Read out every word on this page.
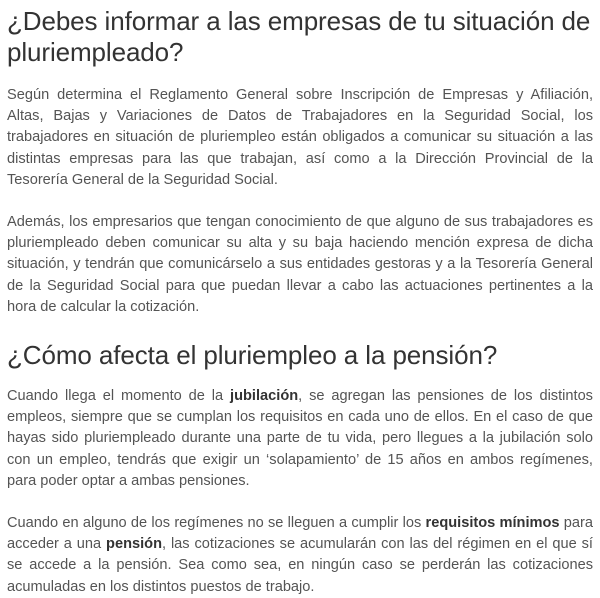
¿Debes informar a las empresas de tu situación de pluriempleado?

Según determina el Reglamento General sobre Inscripción de Empresas y Afiliación, Altas, Bajas y Variaciones de Datos de Trabajadores en la Seguridad Social, los trabajadores en situación de pluriempleo están obligados a comunicar su situación a las distintas empresas para las que trabajan, así como a la Dirección Provincial de la Tesorería General de la Seguridad Social.

Además, los empresarios que tengan conocimiento de que alguno de sus trabajadores es pluriempleado deben comunicar su alta y su baja haciendo mención expresa de dicha situación, y tendrán que comunicárselo a sus entidades gestoras y a la Tesorería General de la Seguridad Social para que puedan llevar a cabo las actuaciones pertinentes a la hora de calcular la cotización.

¿Cómo afecta el pluriempleo a la pensión?

Cuando llega el momento de la jubilación, se agregan las pensiones de los distintos empleos, siempre que se cumplan los requisitos en cada uno de ellos. En el caso de que hayas sido pluriempleado durante una parte de tu vida, pero llegues a la jubilación solo con un empleo, tendrás que exigir un ‘solapamiento’ de 15 años en ambos regímenes, para poder optar a ambas pensiones.

Cuando en alguno de los regímenes no se lleguen a cumplir los requisitos mínimos para acceder a una pensión, las cotizaciones se acumularán con las del régimen en el que sí se accede a la pensión. Sea como sea, en ningún caso se perderán las cotizaciones acumuladas en los distintos puestos de trabajo.
